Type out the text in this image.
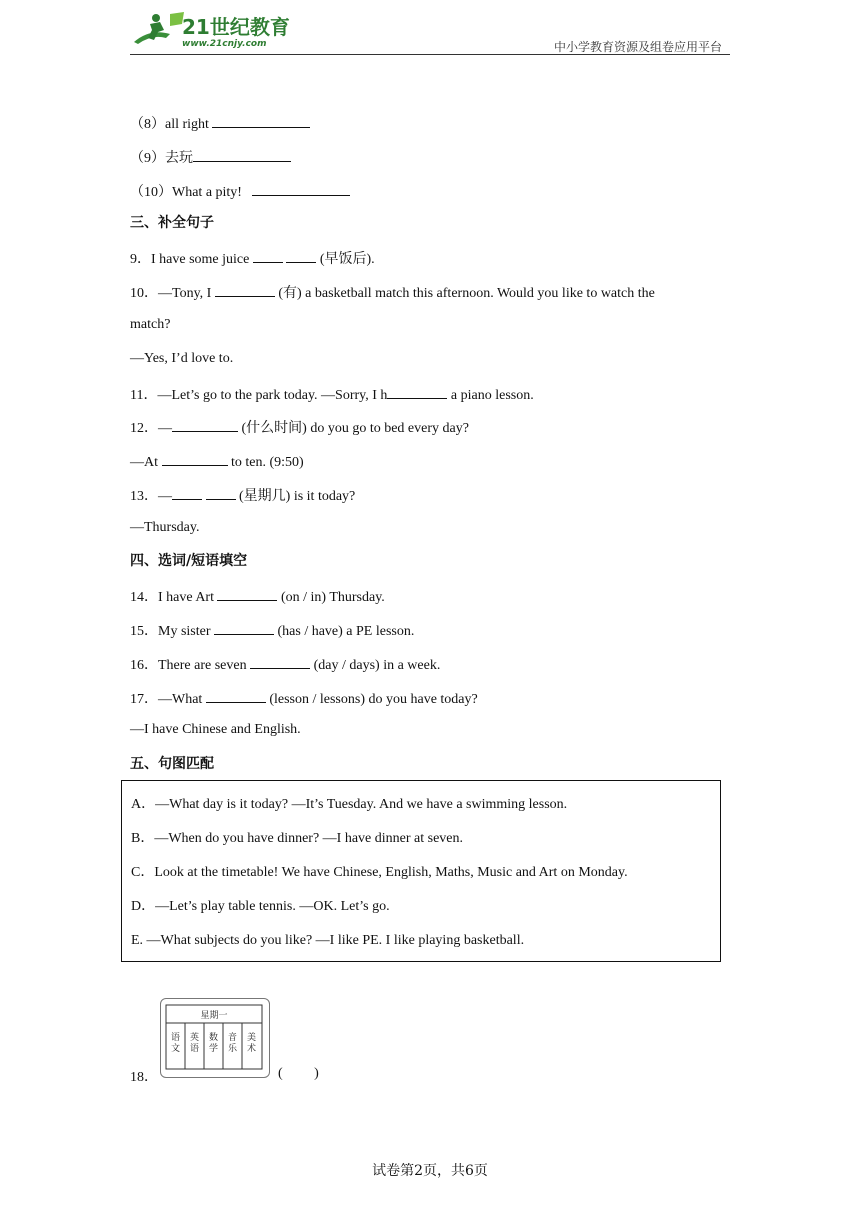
21世纪教育
www.21cnjy.com	中小学教育资源及组卷应用平台
（8）all right
（9）去玩
（10）What a pity!
三、补全句子
9．I have some juice	(早饭后).
10．—Tony, I	(有) a basketball match this afternoon. Would you like to watch the
match?
—Yes, I’d love to.
11．—Let’s go to the park today. —Sorry, I h	a piano lesson.
12．—	(什么时间) do you go to bed every day?
—At	to ten. (9:50)
13．—	(星期几) is it today?
—Thursday.
四、选词/短语填空
14．I have Art	(on / in) Thursday.
15．My sister	(has / have) a PE lesson.
16．There are seven	(day / days) in a week.
17．—What	(lesson / lessons) do you have today?
—I have Chinese and English.
五、句图匹配
A．—What day is it today? —It’s Tuesday. And we have a swimming lesson.
B．—When do you have dinner? —I have dinner at seven.
C．Look at the timetable! We have Chinese, English, Maths, Music and Art on Monday.
D．—Let’s play table tennis. —OK. Let’s go.
E. —What subjects do you like? —I like PE. I like playing basketball.
18．
星期一
语
文
英
语
数
学
音
乐
美
术
(         )
试卷第2页，共6页
